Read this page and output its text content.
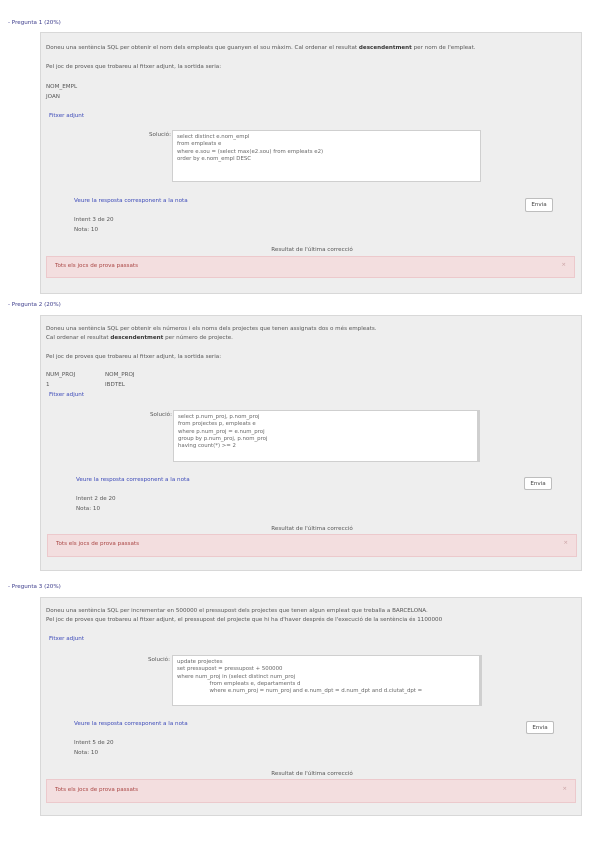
- Pregunta 1 (20%)
Doneu una sentència SQL per obtenir el nom dels empleats que guanyen el sou màxim. Cal ordenar el resultat descendentment per nom de l'empleat.
Pel joc de proves que trobareu al fitxer adjunt, la sortida seria:
NOM_EMPL
JOAN
Fitxer adjunt
Solució: select distinct e.nom_empl
from empleats e
where e.sou = (select max(e2.sou) from empleats e2)
order by e.nom_empl DESC
Veure la resposta corresponent a la nota
Envia
Intent 3 de 20
Nota: 10
Resultat de l'última correcció
Tots els jocs de prova passats	×
- Pregunta 2 (20%)
Doneu una sentència SQL per obtenir els números i els noms dels projectes que tenen assignats dos o més empleats.
Cal ordenar el resultat descendentment per número de projecte.
Pel joc de proves que trobareu al fitxer adjunt, la sortida seria:
NUM_PROJ	NOM_PROJ
1	IBDTEL
Fitxer adjunt
Solució: select p.num_proj, p.nom_proj
from projectes p, empleats e
where p.num_proj = e.num_proj
group by p.num_proj, p.nom_proj
having count(*) >= 2
Veure la resposta corresponent a la nota
Envia
Intent 2 de 20
Nota: 10
Resultat de l'última correcció
Tots els jocs de prova passats	×
- Pregunta 3 (20%)
Doneu una sentència SQL per incrementar en 500000 el pressupost dels projectes que tenen algun empleat que treballa a BARCELONA.
Pel joc de proves que trobareu al fitxer adjunt, el pressupost del projecte que hi ha d'haver després de l'execució de la sentència és 1100000
Fitxer adjunt
Solució: update projectes
set pressupost = pressupost + 500000
where num_proj in (select distinct num_proj
from empleats e, departaments d
where e.num_proj = num_proj and e.num_dpt = d.num_dpt and d.ciutat_dpt =
Veure la resposta corresponent a la nota
Envia
Intent 5 de 20
Nota: 10
Resultat de l'última correcció
Tots els jocs de prova passats	×
